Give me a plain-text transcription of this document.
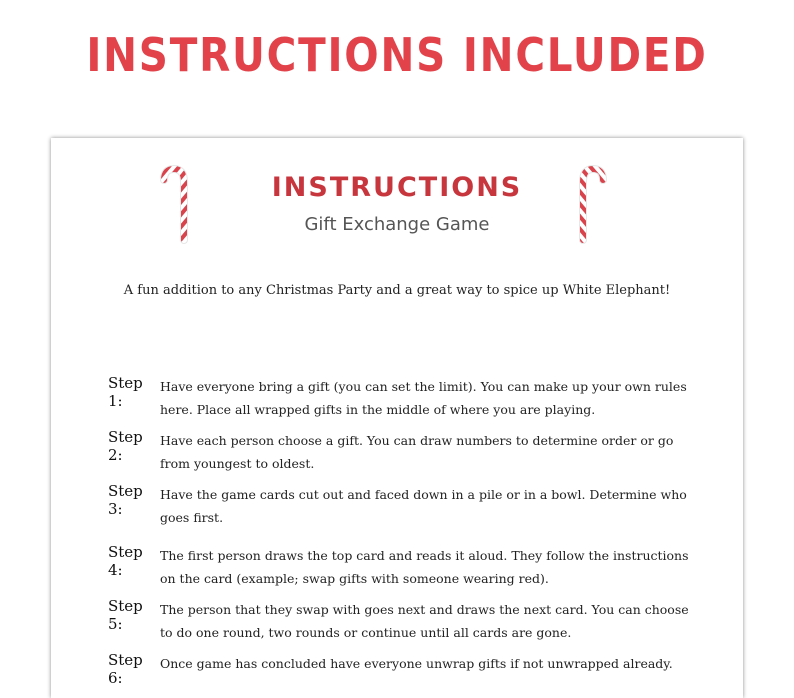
INSTRUCTIONS INCLUDED
INSTRUCTIONS
Gift Exchange Game
A fun addition to any Christmas Party and a great way to spice up White Elephant!
Step 1:
Have everyone bring a gift (you can set the limit). You can make up your own rules here. Place all wrapped gifts in the middle of where you are playing.
Step 2:
Have each person choose a gift. You can draw numbers to determine order or go from youngest to oldest.
Step 3:
Have the game cards cut out and faced down in a pile or in a bowl. Determine who goes first.
Step 4:
The first person draws the top card and reads it aloud. They follow the instructions on the card (example; swap gifts with someone wearing red).
Step 5:
The person that they swap with goes next and draws the next card. You can choose to do one round, two rounds or continue until all cards are gone.
Step 6:
Once game has concluded have everyone unwrap gifts if not unwrapped already.
